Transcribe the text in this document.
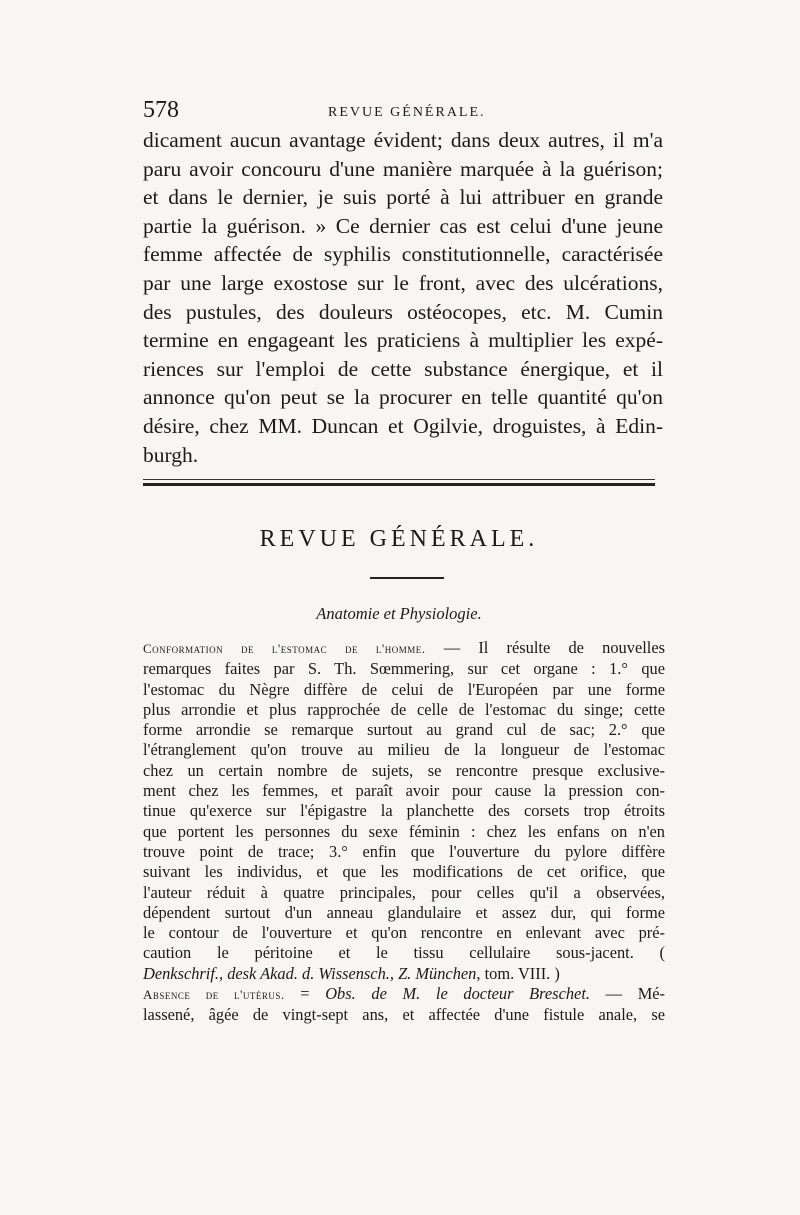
578	REVUE GÉNÉRALE.
dicament aucun avantage évident; dans deux autres, il m'a
paru avoir concouru d'une manière marquée à la guérison;
et dans le dernier, je suis porté à lui attribuer en grande
partie la guérison. » Ce dernier cas est celui d'une jeune
femme affectée de syphilis constitutionnelle, caractérisée
par une large exostose sur le front, avec des ulcérations,
des pustules, des douleurs ostéocopes, etc. M. Cumin
termine en engageant les praticiens à multiplier les expé-
riences sur l'emploi de cette substance énergique, et il
annonce qu'on peut se la procurer en telle quantité qu'on
désire, chez MM. Duncan et Ogilvie, droguistes, à Edin-
burgh.
REVUE GÉNÉRALE.
Anatomie et Physiologie.
Conformation de l'estomac de l'homme. — Il résulte de nouvelles
remarques faites par S. Th. Sœmmering, sur cet organe : 1.° que
l'estomac du Nègre diffère de celui de l'Européen par une forme
plus arrondie et plus rapprochée de celle de l'estomac du singe; cette
forme arrondie se remarque surtout au grand cul de sac; 2.° que
l'étranglement qu'on trouve au milieu de la longueur de l'estomac
chez un certain nombre de sujets, se rencontre presque exclusive-
ment chez les femmes, et paraît avoir pour cause la pression con-
tinue qu'exerce sur l'épigastre la planchette des corsets trop étroits
que portent les personnes du sexe féminin : chez les enfans on n'en
trouve point de trace; 3.° enfin que l'ouverture du pylore diffère
suivant les individus, et que les modifications de cet orifice, que
l'auteur réduit à quatre principales, pour celles qu'il a observées,
dépendent surtout d'un anneau glandulaire et assez dur, qui forme
le contour de l'ouverture et qu'on rencontre en enlevant avec pré-
caution le péritoine et le tissu cellulaire sous-jacent. (
Denkschrif., desk Akad. d. Wissensch., Z. München, tom. VIII. )
Absence de l'utérus. = Obs. de M. le docteur Breschet. — Mé-
lassené, âgée de vingt-sept ans, et affectée d'une fistule anale, se
